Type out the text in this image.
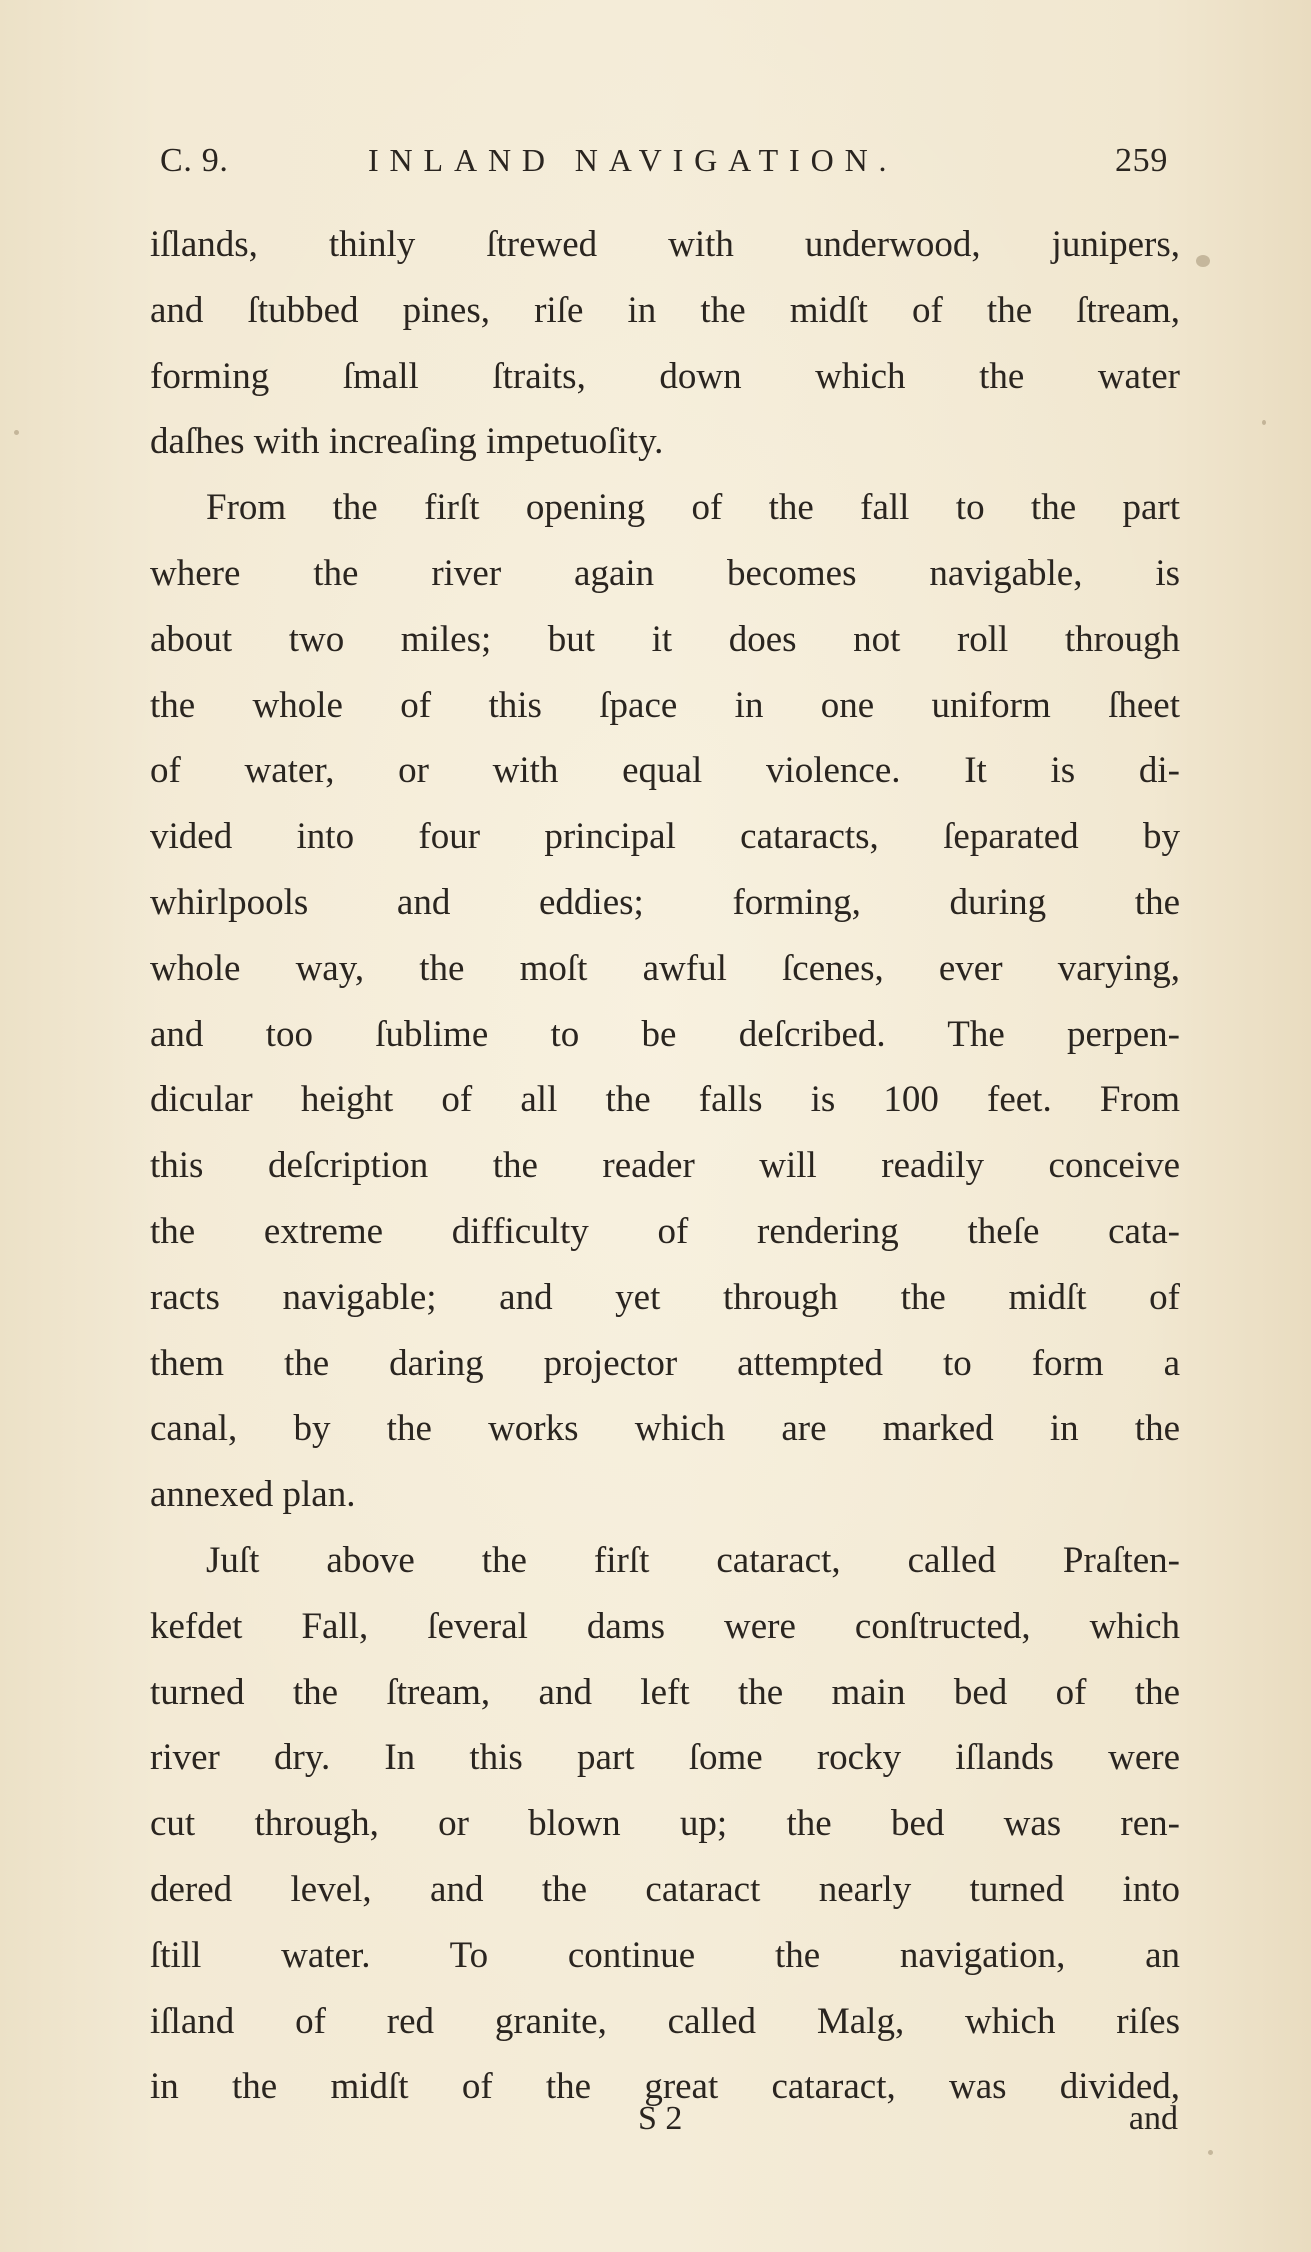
C. 9.	INLAND NAVIGATION.	259
iſlands, thinly ſtrewed with underwood, junipers,
and ſtubbed pines, riſe in the midſt of the ſtream,
forming ſmall ſtraits, down which the water
daſhes with increaſing impetuoſity.
From the firſt opening of the fall to the part
where the river again becomes navigable, is
about two miles; but it does not roll through
the whole of this ſpace in one uniform ſheet
of water, or with equal violence. It is di-
vided into four principal cataracts, ſeparated by
whirlpools and eddies; forming, during the
whole way, the moſt awful ſcenes, ever varying,
and too ſublime to be deſcribed. The perpen-
dicular height of all the falls is 100 feet. From
this deſcription the reader will readily conceive
the extreme difficulty of rendering theſe cata-
racts navigable; and yet through the midſt of
them the daring projector attempted to form a
canal, by the works which are marked in the
annexed plan.
Juſt above the firſt cataract, called Praſten-
kefdet Fall, ſeveral dams were conſtructed, which
turned the ſtream, and left the main bed of the
river dry. In this part ſome rocky iſlands were
cut through, or blown up; the bed was ren-
dered level, and the cataract nearly turned into
ſtill water. To continue the navigation, an
iſland of red granite, called Malg, which riſes
in the midſt of the great cataract, was divided,
S 2	and
